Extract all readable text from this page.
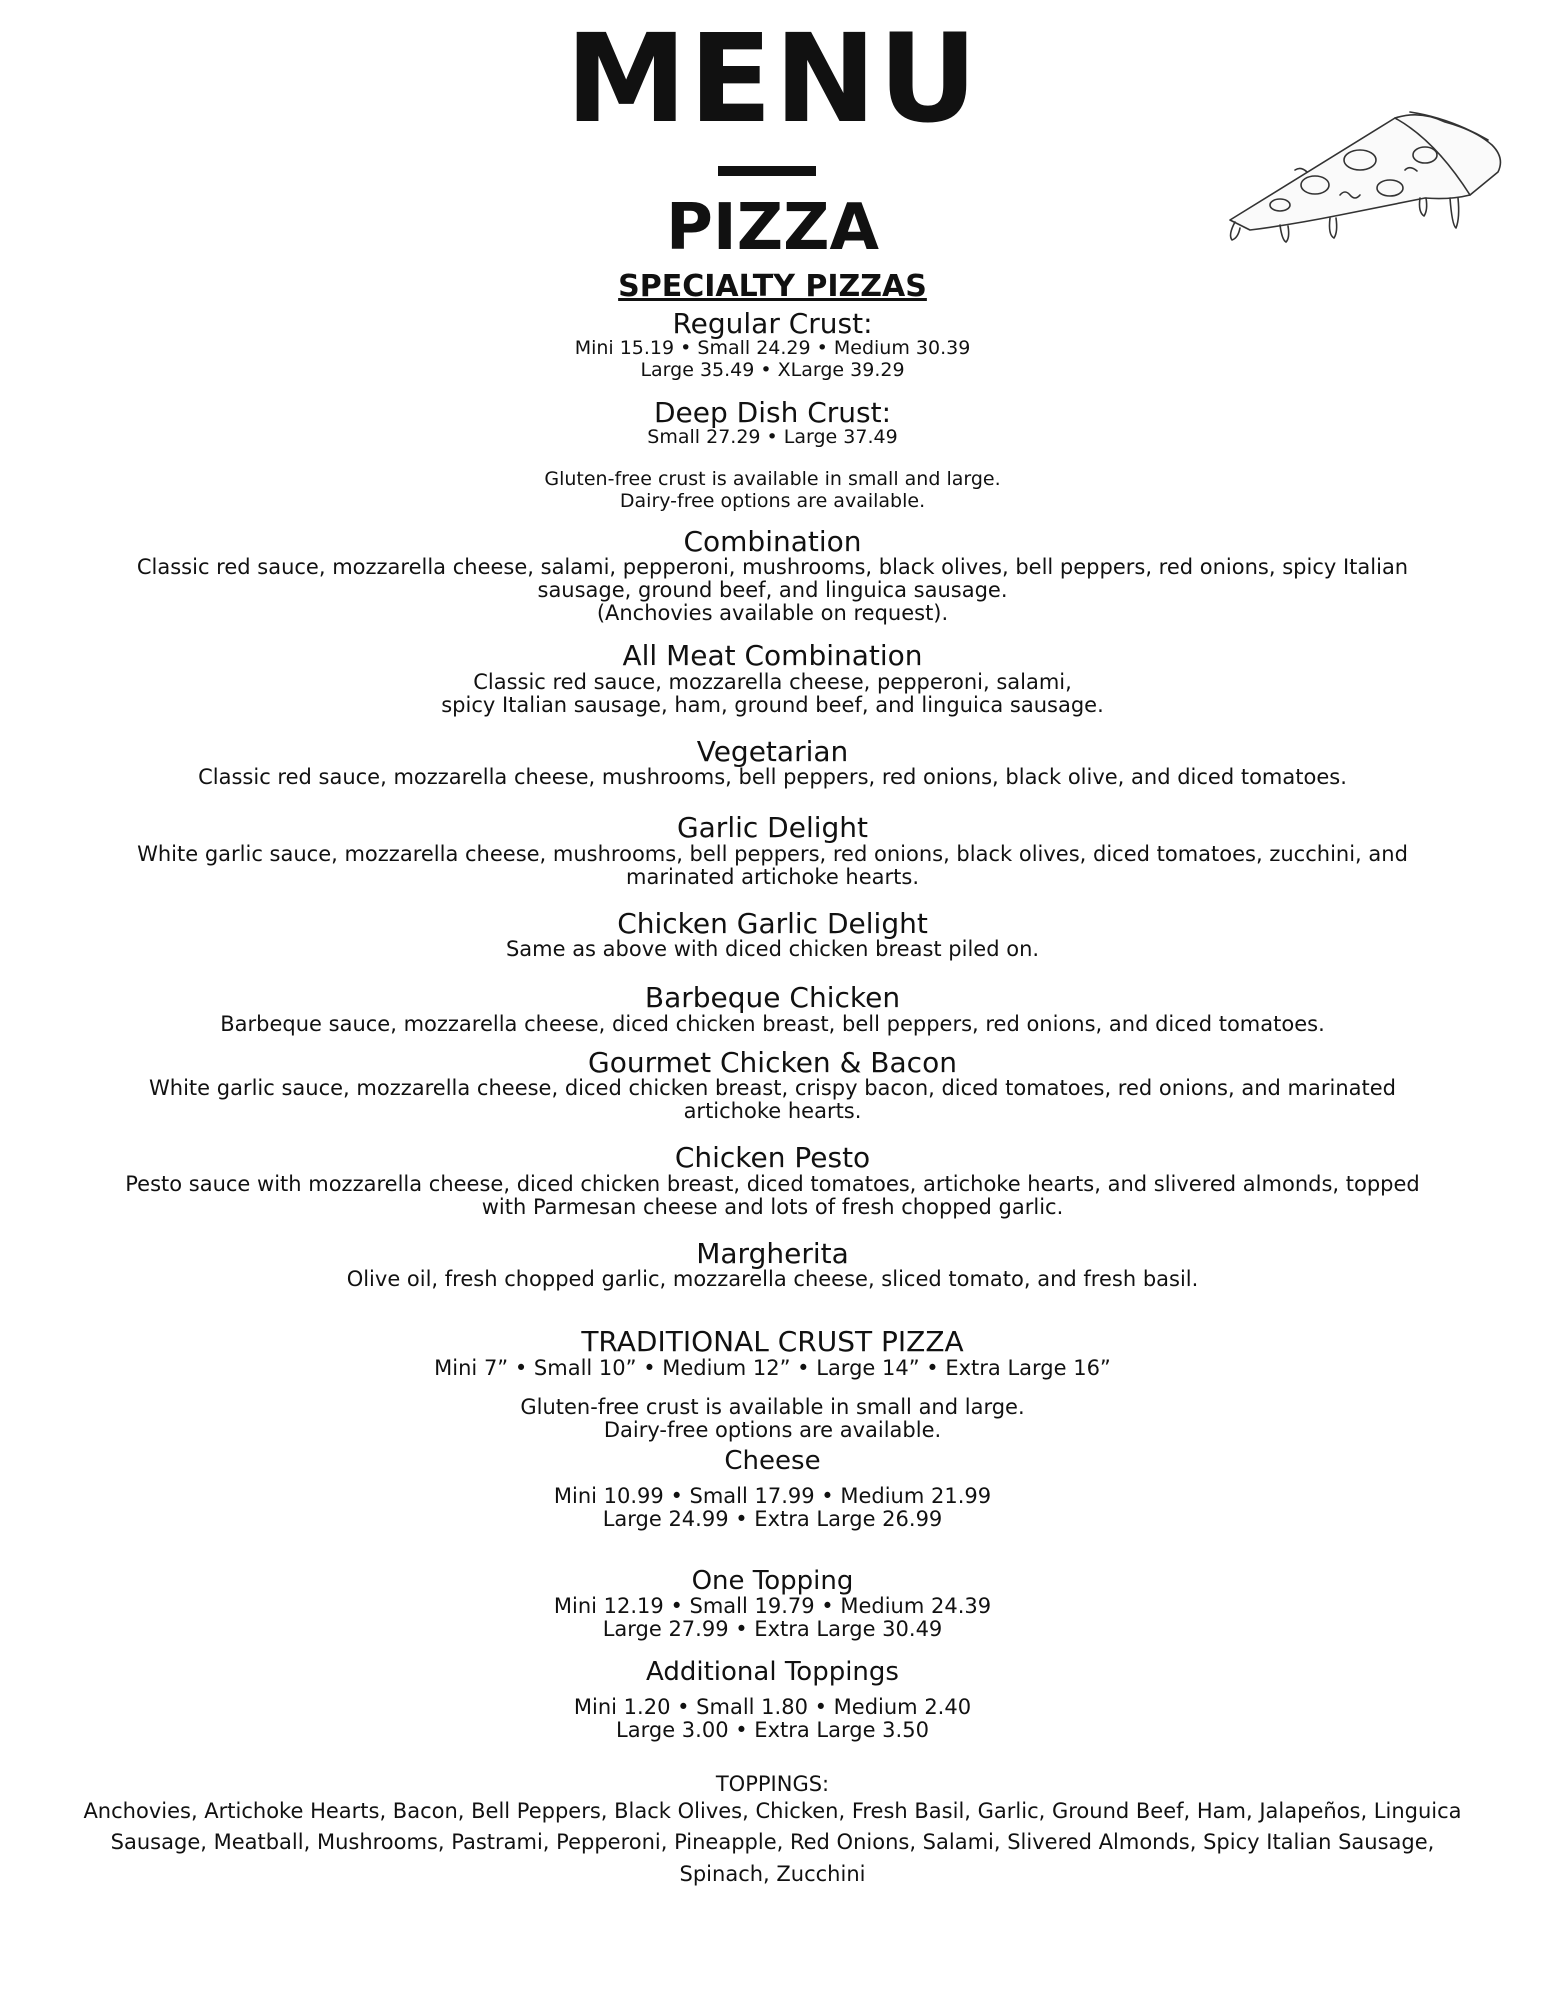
MENU
PIZZA
SPECIALTY PIZZAS
Regular Crust:
Mini 15.19 • Small 24.29 • Medium 30.39
Large 35.49 • XLarge 39.29
Deep Dish Crust:
Small 27.29 • Large 37.49
Gluten-free crust is available in small and large.
Dairy-free options are available.
Combination
Classic red sauce, mozzarella cheese, salami, pepperoni, mushrooms, black olives, bell peppers, red onions, spicy Italian
sausage, ground beef, and linguica sausage.
(Anchovies available on request).
All Meat Combination
Classic red sauce, mozzarella cheese, pepperoni, salami,
spicy Italian sausage, ham, ground beef, and linguica sausage.
Vegetarian
Classic red sauce, mozzarella cheese, mushrooms, bell peppers, red onions, black olive, and diced tomatoes.
Garlic Delight
White garlic sauce, mozzarella cheese, mushrooms, bell peppers, red onions, black olives, diced tomatoes, zucchini, and
marinated artichoke hearts.
Chicken Garlic Delight
Same as above with diced chicken breast piled on.
Barbeque Chicken
Barbeque sauce, mozzarella cheese, diced chicken breast, bell peppers, red onions, and diced tomatoes.
Gourmet Chicken & Bacon
White garlic sauce, mozzarella cheese, diced chicken breast, crispy bacon, diced tomatoes, red onions, and marinated
artichoke hearts.
Chicken Pesto
Pesto sauce with mozzarella cheese, diced chicken breast, diced tomatoes, artichoke hearts, and slivered almonds, topped
with Parmesan cheese and lots of fresh chopped garlic.
Margherita
Olive oil, fresh chopped garlic, mozzarella cheese, sliced tomato, and fresh basil.
TRADITIONAL CRUST PIZZA
Mini 7” • Small 10” • Medium 12” • Large 14” • Extra Large 16”
Gluten-free crust is available in small and large.
Dairy-free options are available.
Cheese
Mini 10.99 • Small 17.99 • Medium 21.99
Large 24.99 • Extra Large 26.99
One Topping
Mini 12.19 • Small 19.79 • Medium 24.39
Large 27.99 • Extra Large 30.49
Additional Toppings
Mini 1.20 • Small 1.80 • Medium 2.40
Large 3.00 • Extra Large 3.50
TOPPINGS:
Anchovies, Artichoke Hearts, Bacon, Bell Peppers, Black Olives, Chicken, Fresh Basil, Garlic, Ground Beef, Ham, Jalapeños, Linguica
Sausage, Meatball, Mushrooms, Pastrami, Pepperoni, Pineapple, Red Onions, Salami, Slivered Almonds, Spicy Italian Sausage,
Spinach, Zucchini
